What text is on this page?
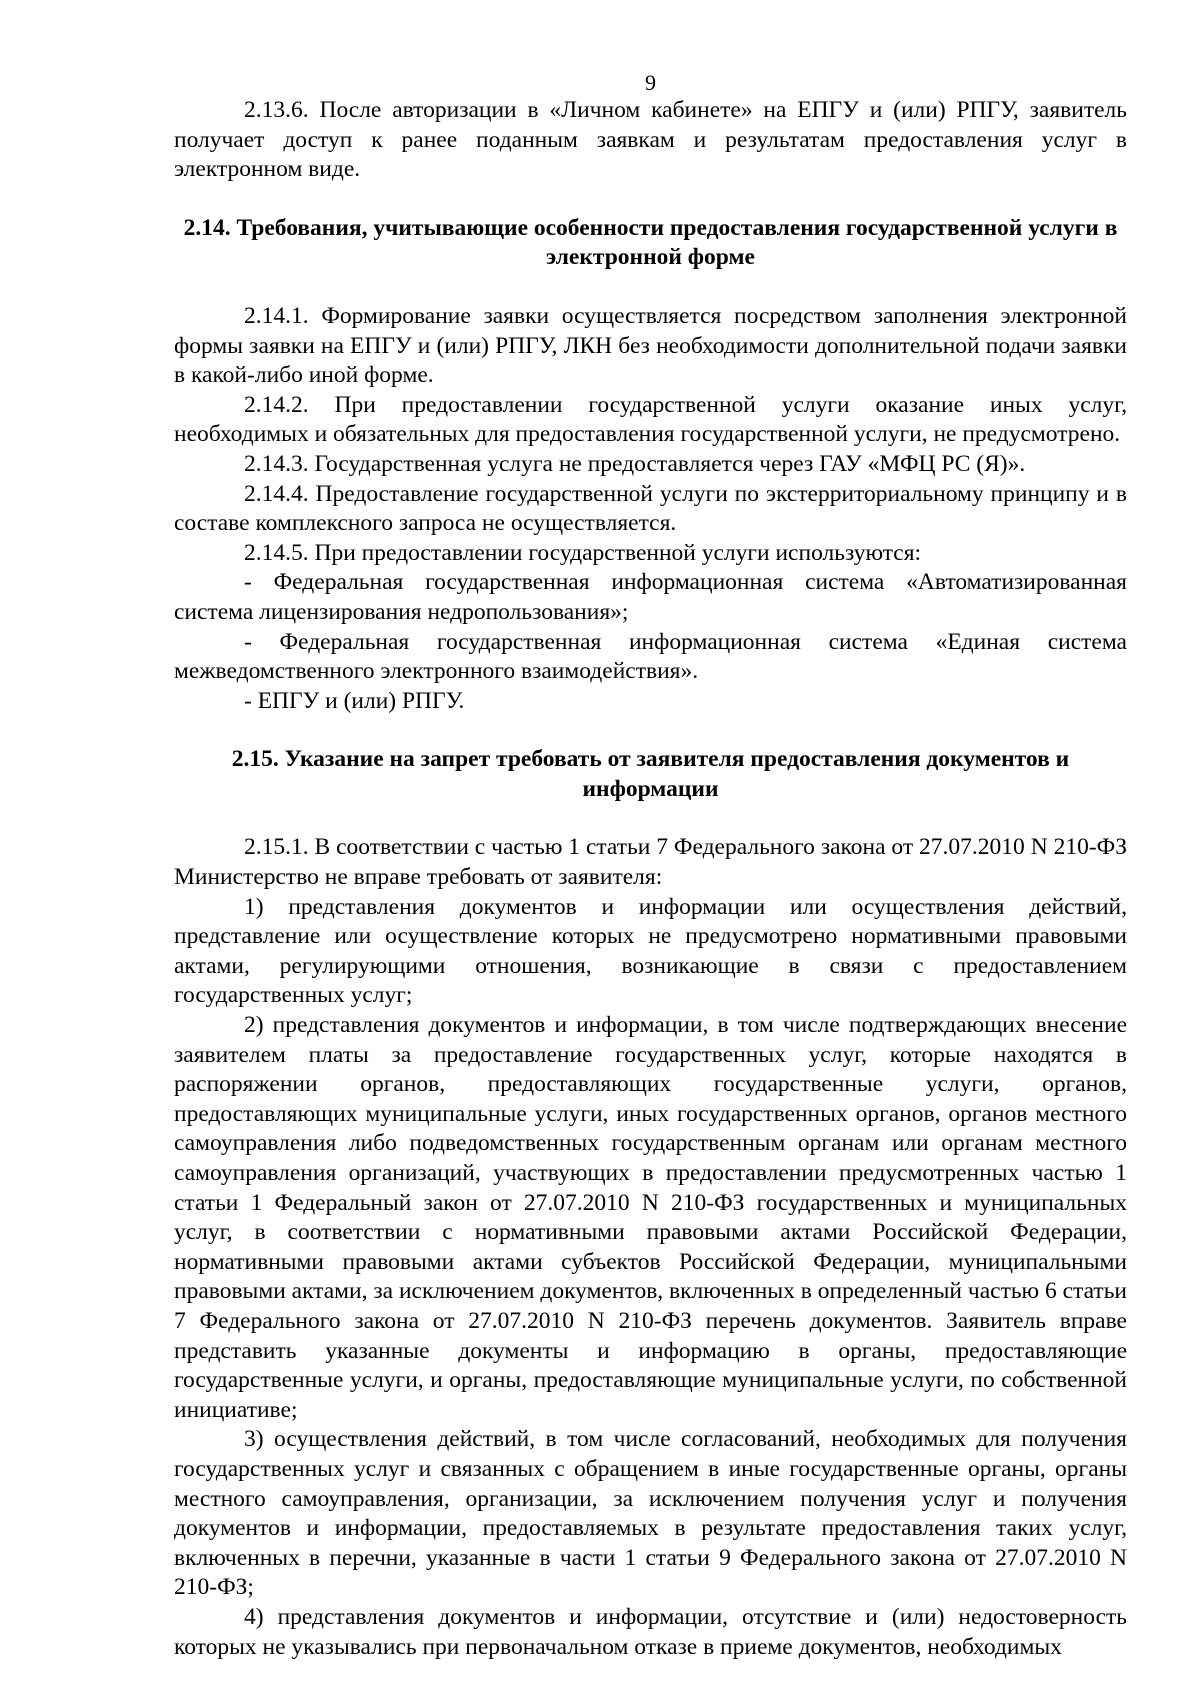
9

2.13.6. После авторизации в «Личном кабинете» на ЕПГУ и (или) РПГУ, заявитель получает доступ к ранее поданным заявкам и результатам предоставления услуг в электронном виде.

2.14. Требования, учитывающие особенности предоставления государственной услуги в электронной форме

2.14.1. Формирование заявки осуществляется посредством заполнения электронной формы заявки на ЕПГУ и (или) РПГУ, ЛКН без необходимости дополнительной подачи заявки в какой-либо иной форме.

2.14.2. При предоставлении государственной услуги оказание иных услуг, необходимых и обязательных для предоставления государственной услуги, не предусмотрено.

2.14.3. Государственная услуга не предоставляется через ГАУ «МФЦ РС (Я)».

2.14.4. Предоставление государственной услуги по экстерриториальному принципу и в составе комплексного запроса не осуществляется.

2.14.5. При предоставлении государственной услуги используются:

- Федеральная государственная информационная система «Автоматизированная система лицензирования недропользования»;

- Федеральная государственная информационная система «Единая система межведомственного электронного взаимодействия».

- ЕПГУ и (или) РПГУ.

2.15. Указание на запрет требовать от заявителя предоставления документов и информации

2.15.1. В соответствии с частью 1 статьи 7 Федерального закона от 27.07.2010 N 210-ФЗ Министерство не вправе требовать от заявителя:

1) представления документов и информации или осуществления действий, представление или осуществление которых не предусмотрено нормативными правовыми актами, регулирующими отношения, возникающие в связи с предоставлением государственных услуг;

2) представления документов и информации, в том числе подтверждающих внесение заявителем платы за предоставление государственных услуг, которые находятся в распоряжении органов, предоставляющих государственные услуги, органов, предоставляющих муниципальные услуги, иных государственных органов, органов местного самоуправления либо подведомственных государственным органам или органам местного самоуправления организаций, участвующих в предоставлении предусмотренных частью 1 статьи 1 Федеральный закон от 27.07.2010 N 210-ФЗ государственных и муниципальных услуг, в соответствии с нормативными правовыми актами Российской Федерации, нормативными правовыми актами субъектов Российской Федерации, муниципальными правовыми актами, за исключением документов, включенных в определенный частью 6 статьи 7 Федерального закона от 27.07.2010 N 210-ФЗ перечень документов. Заявитель вправе представить указанные документы и информацию в органы, предоставляющие государственные услуги, и органы, предоставляющие муниципальные услуги, по собственной инициативе;

3) осуществления действий, в том числе согласований, необходимых для получения государственных услуг и связанных с обращением в иные государственные органы, органы местного самоуправления, организации, за исключением получения услуг и получения документов и информации, предоставляемых в результате предоставления таких услуг, включенных в перечни, указанные в части 1 статьи 9 Федерального закона от 27.07.2010 N 210-ФЗ;

4) представления документов и информации, отсутствие и (или) недостоверность которых не указывались при первоначальном отказе в приеме документов, необходимых
